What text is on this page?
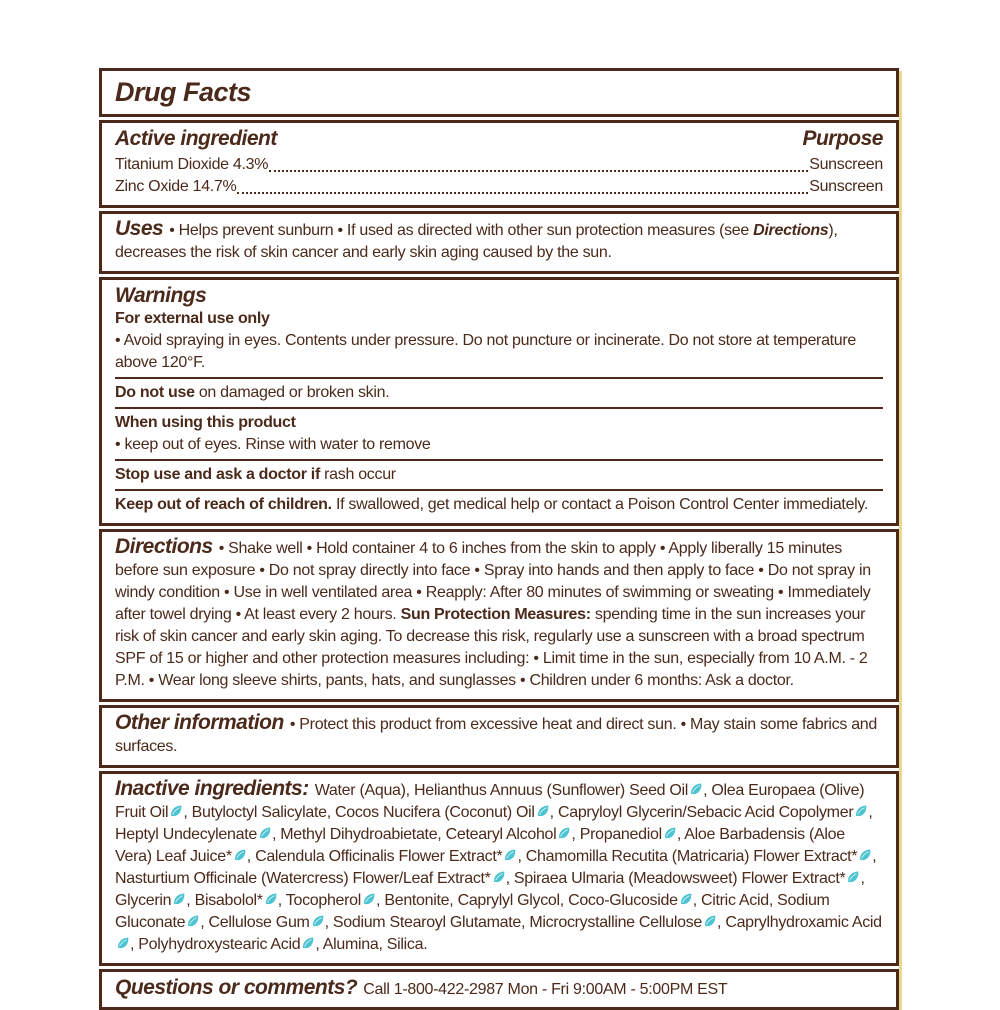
Drug Facts
Active ingredient	Purpose
Titanium Dioxide 4.3%	Sunscreen
Zinc Oxide 14.7%	Sunscreen

Uses • Helps prevent sunburn • If used as directed with other sun protection measures (see Directions), decreases the risk of skin cancer and early skin aging caused by the sun.

Warnings

For external use only

• Avoid spraying in eyes. Contents under pressure. Do not puncture or incinerate. Do not store at temperature above 120°F.

Do not use on damaged or broken skin.

When using this product

• keep out of eyes. Rinse with water to remove

Stop use and ask a doctor if rash occur

Keep out of reach of children. If swallowed, get medical help or contact a Poison Control Center immediately.

Directions • Shake well • Hold container 4 to 6 inches from the skin to apply • Apply liberally 15 minutes before sun exposure • Do not spray directly into face • Spray into hands and then apply to face • Do not spray in windy condition • Use in well ventilated area • Reapply: After 80 minutes of swimming or sweating • Immediately after towel drying • At least every 2 hours. Sun Protection Measures: spending time in the sun increases your risk of skin cancer and early skin aging. To decrease this risk, regularly use a sunscreen with a broad spectrum SPF of 15 or higher and other protection measures including: • Limit time in the sun, especially from 10 A.M. - 2 P.M. • Wear long sleeve shirts, pants, hats, and sunglasses • Children under 6 months: Ask a doctor.

Other information • Protect this product from excessive heat and direct sun. • May stain some fabrics and surfaces.

Inactive ingredients: Water (Aqua), Helianthus Annuus (Sunflower) Seed Oil , Olea Europaea (Olive) Fruit Oil , Butyloctyl Salicylate, Cocos Nucifera (Coconut) Oil , Capryloyl Glycerin/Sebacic Acid Copolymer , Heptyl Undecylenate , Methyl Dihydroabietate, Cetearyl Alcohol , Propanediol , Aloe Barbadensis (Aloe Vera) Leaf Juice* , Calendula Officinalis Flower Extract* , Chamomilla Recutita (Matricaria) Flower Extract* , Nasturtium Officinale (Watercress) Flower/Leaf Extract* , Spiraea Ulmaria (Meadowsweet) Flower Extract* , Glycerin , Bisabolol* , Tocopherol , Bentonite, Caprylyl Glycol, Coco-Glucoside , Citric Acid, Sodium Gluconate , Cellulose Gum , Sodium Stearoyl Glutamate, Microcrystalline Cellulose , Caprylhydroxamic Acid, Polyhydroxystearic Acid , Alumina, Silica.

Questions or comments? Call 1-800-422-2987 Mon - Fri 9:00AM - 5:00PM EST
